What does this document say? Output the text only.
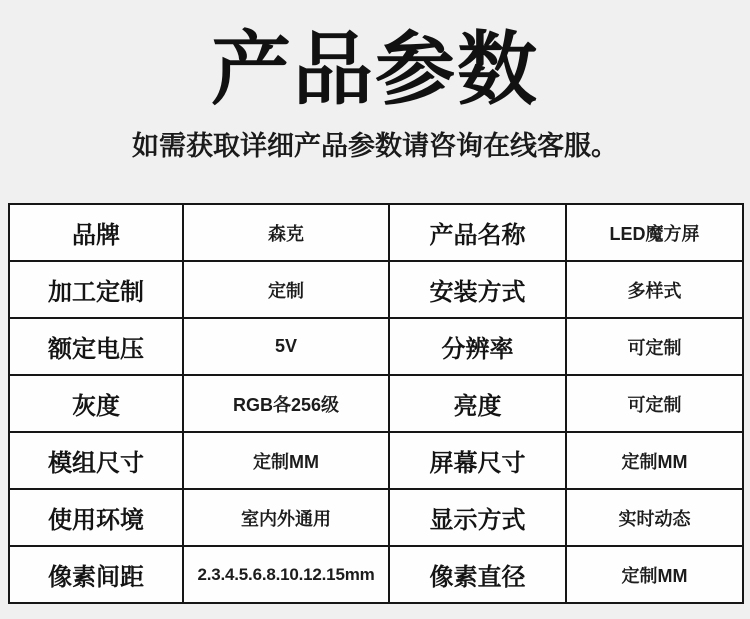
产品参数

如需获取详细产品参数请咨询在线客服。

品牌	森克	产品名称	LED魔方屏
加工定制	定制	安装方式	多样式
额定电压	5V	分辨率	可定制
灰度	RGB各256级	亮度	可定制
模组尺寸	定制MM	屏幕尺寸	定制MM
使用环境	室内外通用	显示方式	实时动态
像素间距	2.3.4.5.6.8.10.12.15mm	像素直径	定制MM
